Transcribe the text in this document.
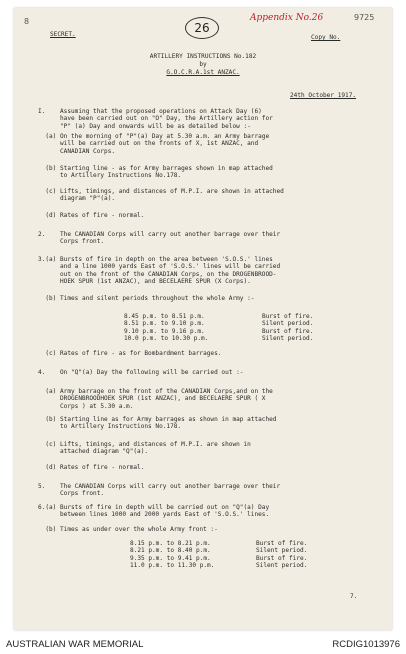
8	26
Appendix No.26	9725
SECRET.	Copy No.
ARTILLERY INSTRUCTIONS No.182
by
G.O.C.R.A.1st ANZAC.
24th October 1917.
I.    Assuming that the proposed operations on Attack Day (6)
have been carried out on "O" Day, the Artillery action for
"P" (a) Day and onwards will be as detailed below :-
(a) On the morning of "P"(a) Day at 5.30 a.m. an Army barrage
will be carried out on the fronts of X, 1st ANZAC, and
CANADIAN Corps.
(b) Starting line - as for Army barrages shown in map attached
to Artillery Instructions No.178.
(c) Lifts, timings, and distances of M.P.I. are shown in attached
diagram "P"(a).
(d) Rates of fire - normal.
2.    The CANADIAN Corps will carry out another barrage over their
Corps front.
3.(a) Bursts of fire in depth on the area between 'S.O.S.' lines
and a line 1000 yards East of 'S.O.S.' lines will be carried
out on the front of the CANADIAN Corps, on the DROGENBROOD-
HOEK SPUR (1st ANZAC), and BECELAERE SPUR (X Corps).
(b) Times and silent periods throughout the whole Army :-
8.45 p.m. to 8.51 p.m.	Burst of fire.
8.51 p.m. to 9.10 p.m.	Silent period.
9.10 p.m. to 9.16 p.m.	Burst of fire.
10.0 p.m. to 10.30 p.m.	Silent period.
(c) Rates of fire - as for Bombardment barrages.
4.    On "Q"(a) Day the following will be carried out :-
(a) Army barrage on the front of the CANADIAN Corps,and on the
DROGENBROODHOEK SPUR (1st ANZAC), and BECELAERE SPUR ( X
Corps ) at 5.30 a.m.
(b) Starting line as for Army barrages as shown in map attached
to Artillery Instructions No.178.
(c) Lifts, timings, and distances of M.P.I. are shown in
attached diagram "Q"(a).
(d) Rates of fire - normal.
5.    The CANADIAN Corps will carry out another barrage over their
Corps front.
6.(a) Bursts of fire in depth will be carried out on "Q"(a) Day
between lines 1000 and 2000 yards East of 'S.O.S.' lines.
(b) Times as under over the whole Army front :-
8.15 p.m. to 8.21 p.m.	Burst of fire.
8.21 p.m. to 8.40 p.m.	Silent period.
9.35 p.m. to 9.41 p.m.	Burst of fire.
11.0 p.m. to 11.30 p.m.	Silent period.
7.
AUSTRALIAN WAR MEMORIAL	RCDIG1013976
